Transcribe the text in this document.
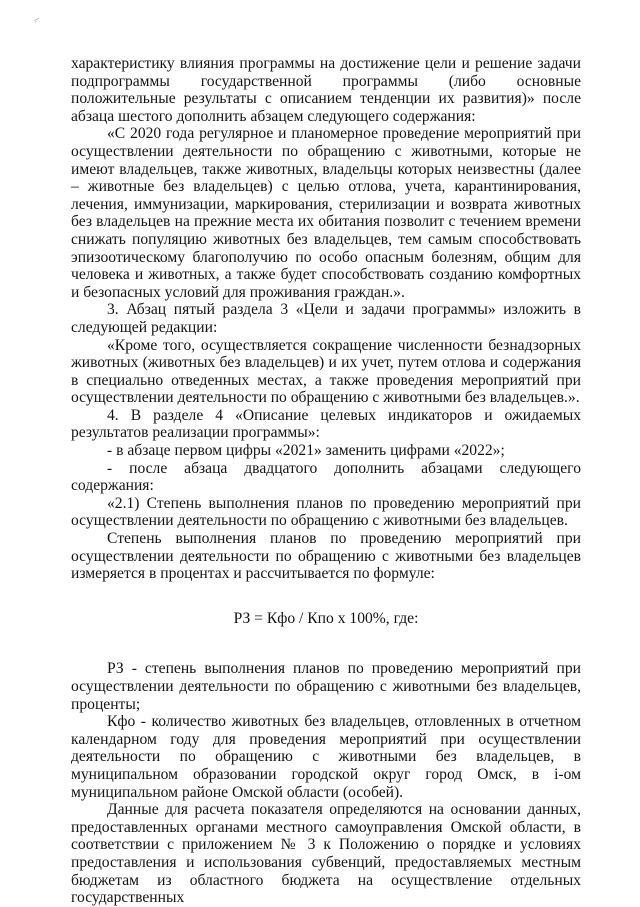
⌐

характеристику влияния программы на достижение цели и решение задачи подпрограммы государственной программы (либо основные положительные результаты с описанием тенденции их развития)» после абзаца шестого дополнить абзацем следующего содержания:

«С 2020 года регулярное и планомерное проведение мероприятий при осуществлении деятельности по обращению с животными, которые не имеют владельцев, также животных, владельцы которых неизвестны (далее – животные без владельцев) с целью отлова, учета, карантинирования, лечения, иммунизации, маркирования, стерилизации и возврата животных без владельцев на прежние места их обитания позволит с течением времени снижать популяцию животных без владельцев, тем самым способствовать эпизоотическому благополучию по особо опасным болезням, общим для человека и животных, а также будет способствовать созданию комфортных и безопасных условий для проживания граждан.».

3. Абзац пятый раздела 3 «Цели и задачи программы» изложить в следующей редакции:

«Кроме того, осуществляется сокращение численности безнадзорных животных (животных без владельцев) и их учет, путем отлова и содержания в специально отведенных местах, а также проведения мероприятий при осуществлении деятельности по обращению с животными без владельцев.».

4. В разделе 4 «Описание целевых индикаторов и ожидаемых результатов реализации программы»:

- в абзаце первом цифры «2021» заменить цифрами «2022»;

- после абзаца двадцатого дополнить абзацами следующего содержания:

«2.1) Степень выполнения планов по проведению мероприятий при осуществлении деятельности по обращению с животными без владельцев.

Степень выполнения планов по проведению мероприятий при осуществлении деятельности по обращению с животными без владельцев измеряется в процентах и рассчитывается по формуле:

РЗ = Кфо / Кпо х 100%, где:

РЗ - степень выполнения планов по проведению мероприятий при осуществлении деятельности по обращению с животными без владельцев, проценты;

Кфо - количество животных без владельцев, отловленных в отчетном календарном году для проведения мероприятий при осуществлении деятельности по обращению с животными без владельцев, в муниципальном образовании городской округ город Омск, в i-ом муниципальном районе Омской области (особей).

Данные для расчета показателя определяются на основании данных, предоставленных органами местного самоуправления Омской области, в соответствии с приложением № 3 к Положению о порядке и условиях предоставления и использования субвенций, предоставляемых местным бюджетам из областного бюджета на осуществление отдельных государственных
